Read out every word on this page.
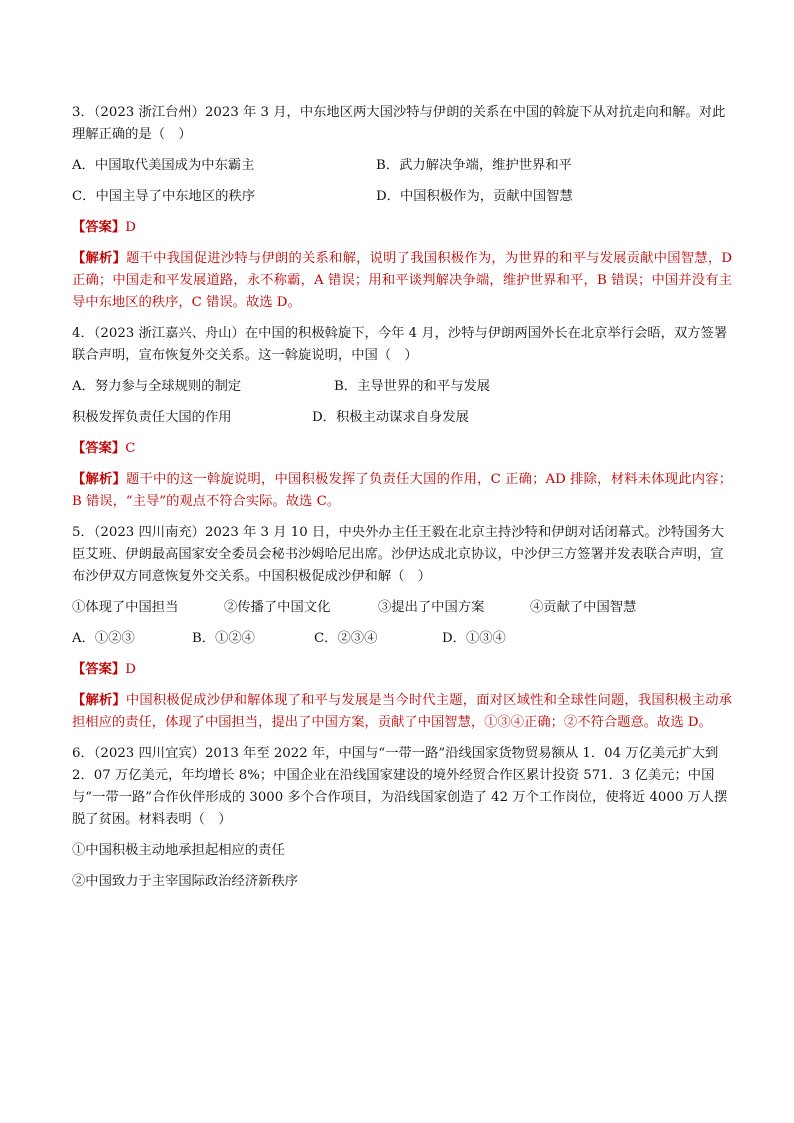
3．（2023 浙江台州）2023 年 3 月，中东地区两大国沙特与伊朗的关系在中国的斡旋下从对抗走向和解。对此理解正确的是（　）

A．中国取代美国成为中东霸主	B．武力解决争端，维护世界和平
C．中国主导了中东地区的秩序	D．中国积极作为，贡献中国智慧

【答案】D

【解析】题干中我国促进沙特与伊朗的关系和解，说明了我国积极作为，为世界的和平与发展贡献中国智慧，D 正确；中国走和平发展道路，永不称霸，A 错误；用和平谈判解决争端，维护世界和平，B 错误；中国并没有主导中东地区的秩序，C 错误。故选 D。

4．（2023 浙江嘉兴、舟山）在中国的积极斡旋下，今年 4 月，沙特与伊朗两国外长在北京举行会晤，双方签署联合声明，宣布恢复外交关系。这一斡旋说明，中国（　）

A．努力参与全球规则的制定	B．主导世界的和平与发展
积极发挥负责任大国的作用	D．积极主动谋求自身发展

【答案】C

【解析】题干中的这一斡旋说明，中国积极发挥了负责任大国的作用，C 正确；AD 排除，材料未体现此内容；B 错误，“主导”的观点不符合实际。故选 C。

5．（2023 四川南充）2023 年 3 月 10 日，中央外办主任王毅在北京主持沙特和伊朗对话闭幕式。沙特国务大臣艾班、伊朗最高国家安全委员会秘书沙姆哈尼出席。沙伊达成北京协议，中沙伊三方签署并发表联合声明，宣布沙伊双方同意恢复外交关系。中国积极促成沙伊和解（　）

①体现了中国担当	②传播了中国文化	③提出了中国方案	④贡献了中国智慧
A．①②③	B．①②④	C．②③④	D．①③④

【答案】D

【解析】中国积极促成沙伊和解体现了和平与发展是当今时代主题，面对区域性和全球性问题，我国积极主动承担相应的责任，体现了中国担当，提出了中国方案，贡献了中国智慧，①③④正确；②不符合题意。故选 D。

6．（2023 四川宜宾）2013 年至 2022 年，中国与“一带一路”沿线国家货物贸易额从 1．04 万亿美元扩大到 2．07 万亿美元，年均增长 8%；中国企业在沿线国家建设的境外经贸合作区累计投资 571．3 亿美元；中国与“一带一路”合作伙伴形成的 3000 多个合作项目，为沿线国家创造了 42 万个工作岗位，使将近 4000 万人摆脱了贫困。材料表明（　）

①中国积极主动地承担起相应的责任

②中国致力于主宰国际政治经济新秩序
